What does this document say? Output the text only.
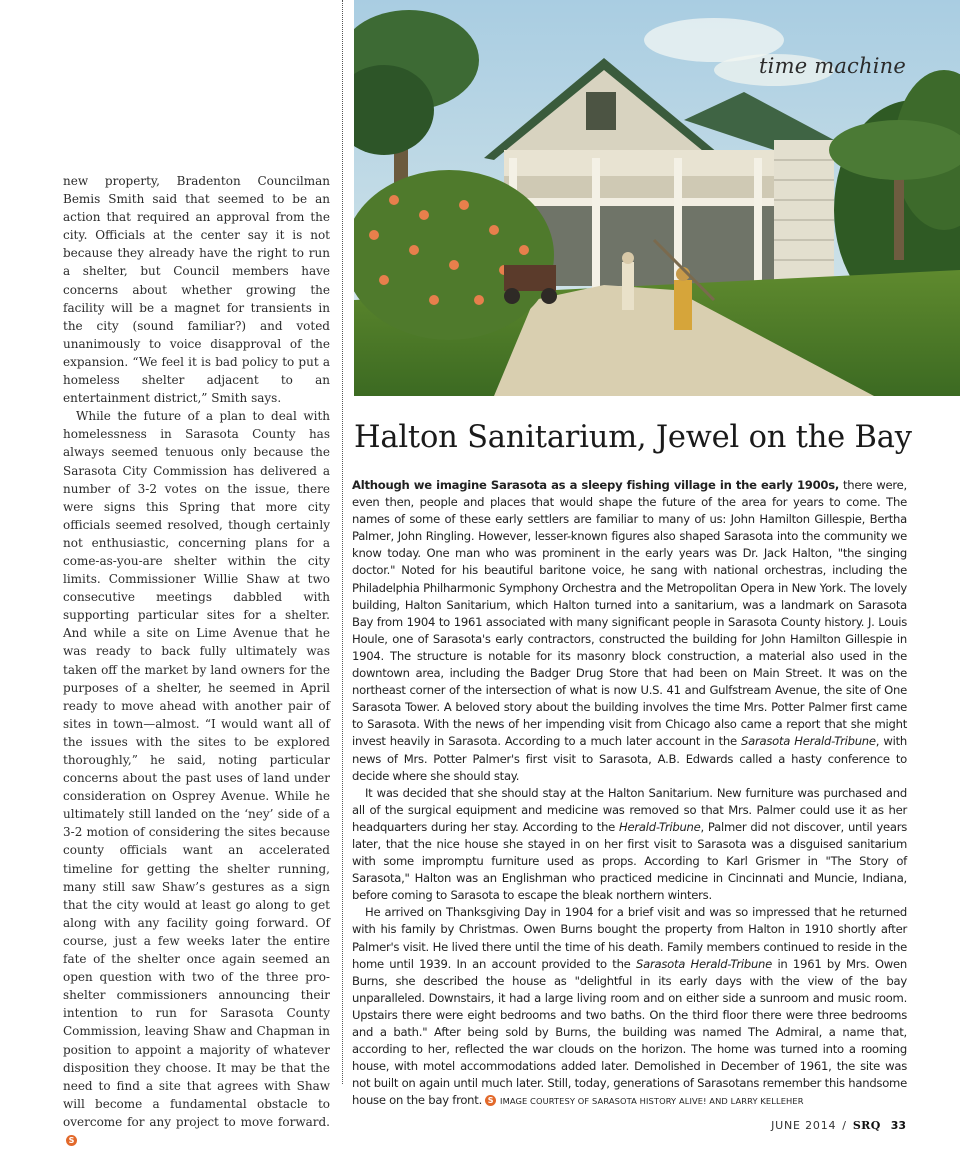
new property, Bradenton Councilman Bemis Smith said that seemed to be an action that required an approval from the city. Officials at the center say it is not because they already have the right to run a shelter, but Council members have concerns about whether growing the facility will be a magnet for transients in the city (sound familiar?) and voted unanimously to voice disapproval of the expansion. “We feel it is bad policy to put a homeless shelter adjacent to an entertainment district,” Smith says.

While the future of a plan to deal with homelessness in Sarasota County has always seemed tenuous only because the Sarasota City Commission has delivered a number of 3-2 votes on the issue, there were signs this Spring that more city officials seemed resolved, though certainly not enthusiastic, concerning plans for a come-as-you-are shelter within the city limits. Commissioner Willie Shaw at two consecutive meetings dabbled with supporting particular sites for a shelter. And while a site on Lime Avenue that he was ready to back fully ultimately was taken off the market by land owners for the purposes of a shelter, he seemed in April ready to move ahead with another pair of sites in town—almost. “I would want all of the issues with the sites to be explored thoroughly,” he said, noting particular concerns about the past uses of land under consideration on Osprey Avenue. While he ultimately still landed on the ‘ney’ side of a 3-2 motion of considering the sites because county officials want an accelerated timeline for getting the shelter running, many still saw Shaw’s gestures as a sign that the city would at least go along to get along with any facility going forward. Of course, just a few weeks later the entire fate of the shelter once again seemed an open question with two of the three pro-shelter commissioners announcing their intention to run for Sarasota County Commission, leaving Shaw and Chapman in position to appoint a majority of whatever disposition they choose. It may be that the need to find a site that agrees with Shaw will become a fundamental obstacle to overcome for any project to move forward.S

time machine
Halton Sanitarium, Jewel on the Bay

Although we imagine Sarasota as a sleepy fishing village in the early 1900s, there were, even then, people and places that would shape the future of the area for years to come. The names of some of these early settlers are familiar to many of us: John Hamilton Gillespie, Bertha Palmer, John Ringling. However, lesser-known figures also shaped Sarasota into the community we know today. One man who was prominent in the early years was Dr. Jack Halton, "the singing doctor." Noted for his beautiful baritone voice, he sang with national orchestras, including the Philadelphia Philharmonic Symphony Orchestra and the Metropolitan Opera in New York. The lovely building, Halton Sanitarium, which Halton turned into a sanitarium, was a landmark on Sarasota Bay from 1904 to 1961 associated with many significant people in Sarasota County history. J. Louis Houle, one of Sarasota's early contractors, constructed the building for John Hamilton Gillespie in 1904. The structure is notable for its masonry block construction, a material also used in the downtown area, including the Badger Drug Store that had been on Main Street. It was on the northeast corner of the intersection of what is now U.S. 41 and Gulfstream Avenue, the site of One Sarasota Tower. A beloved story about the building involves the time Mrs. Potter Palmer first came to Sarasota. With the news of her impending visit from Chicago also came a report that she might invest heavily in Sarasota. According to a much later account in the Sarasota Herald-Tribune, with news of Mrs. Potter Palmer's first visit to Sarasota, A.B. Edwards called a hasty conference to decide where she should stay.

It was decided that she should stay at the Halton Sanitarium. New furniture was purchased and all of the surgical equipment and medicine was removed so that Mrs. Palmer could use it as her headquarters during her stay. According to the Herald-Tribune, Palmer did not discover, until years later, that the nice house she stayed in on her first visit to Sarasota was a disguised sanitarium with some impromptu furniture used as props. According to Karl Grismer in "The Story of Sarasota," Halton was an Englishman who practiced medicine in Cincinnati and Muncie, Indiana, before coming to Sarasota to escape the bleak northern winters.

He arrived on Thanksgiving Day in 1904 for a brief visit and was so impressed that he returned with his family by Christmas. Owen Burns bought the property from Halton in 1910 shortly after Palmer's visit. He lived there until the time of his death. Family members continued to reside in the home until 1939. In an account provided to the Sarasota Herald-Tribune in 1961 by Mrs. Owen Burns, she described the house as "delightful in its early days with the view of the bay unparalleled. Downstairs, it had a large living room and on either side a sunroom and music room. Upstairs there were eight bedrooms and two baths. On the third floor there were three bedrooms and a bath." After being sold by Burns, the building was named The Admiral, a name that, according to her, reflected the war clouds on the horizon. The home was turned into a rooming house, with motel accommodations added later. Demolished in December of 1961, the site was not built on again until much later. Still, today, generations of Sarasotans remember this handsome house on the bay front. S IMAGE COURTESY OF SARASOTA HISTORY ALIVE! AND LARRY KELLEHER

JUNE 2014 / SRQ 33
